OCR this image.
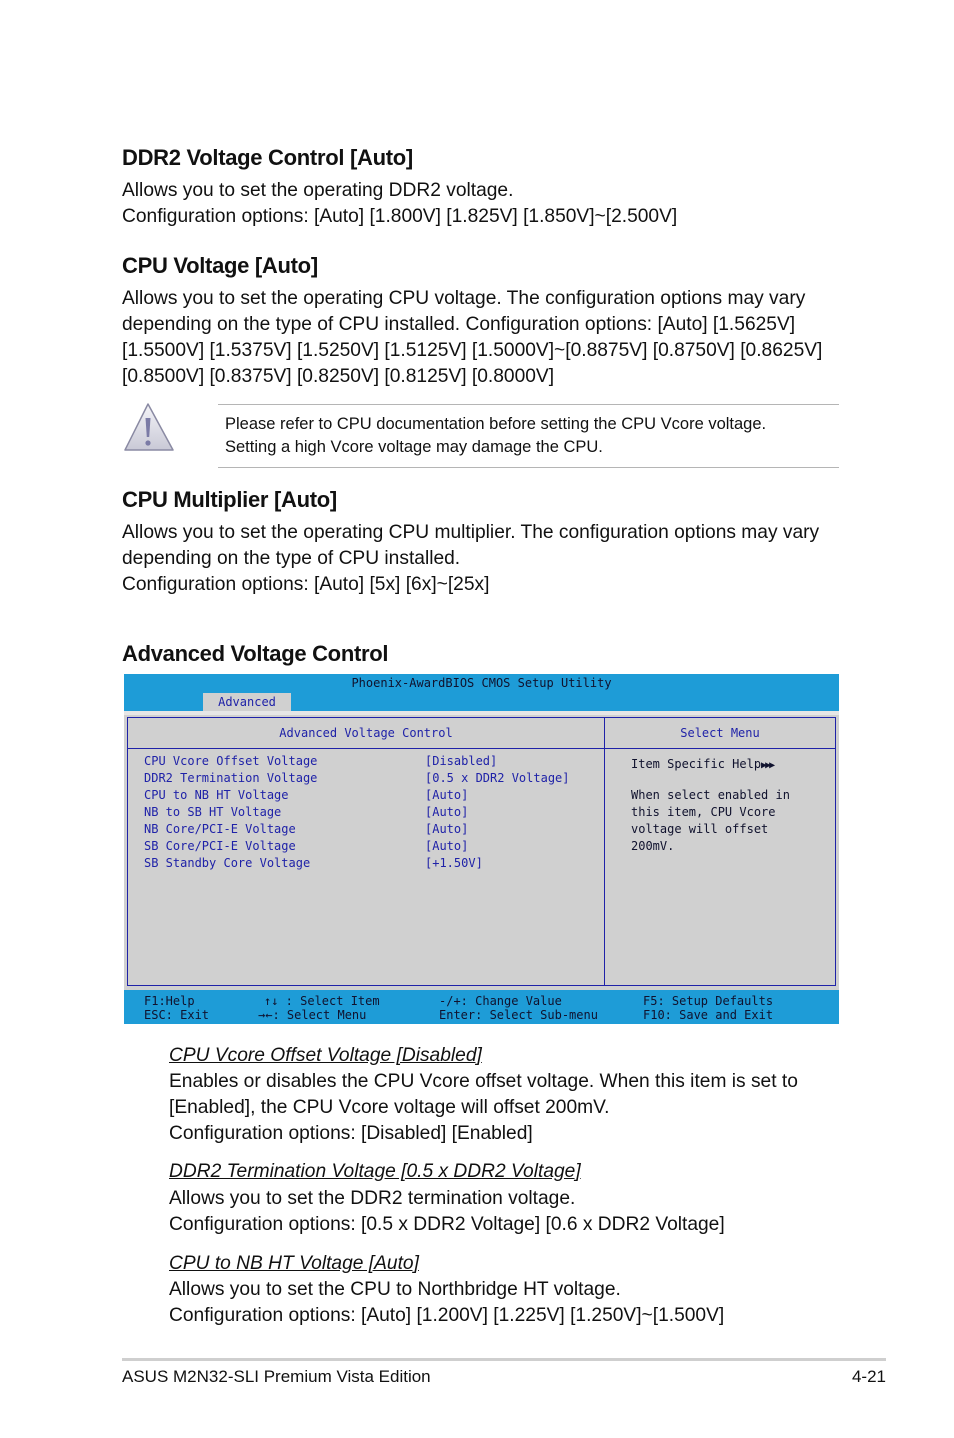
DDR2 Voltage Control [Auto]
Allows you to set the operating DDR2 voltage.
Configuration options: [Auto] [1.800V] [1.825V] [1.850V]~[2.500V]
CPU Voltage [Auto]
Allows you to set the operating CPU voltage. The configuration options may vary
depending on the type of CPU installed. Configuration options: [Auto] [1.5625V]
[1.5500V] [1.5375V] [1.5250V] [1.5125V] [1.5000V]~[0.8875V] [0.8750V] [0.8625V]
[0.8500V] [0.8375V] [0.8250V] [0.8125V] [0.8000V]
Please refer to CPU documentation before setting the CPU Vcore voltage.
Setting a high Vcore voltage may damage the CPU.
CPU Multiplier [Auto]
Allows you to set the operating CPU multiplier. The configuration options may vary
depending on the type of CPU installed.
Configuration options: [Auto] [5x] [6x]~[25x]
Advanced Voltage Control
Phoenix-AwardBIOS CMOS Setup Utility
Advanced
Advanced Voltage Control
CPU Vcore Offset Voltage	[Disabled]
DDR2 Termination Voltage	[0.5 x DDR2 Voltage]
CPU to NB HT Voltage	[Auto]
NB to SB HT Voltage	[Auto]
NB Core/PCI-E Voltage	[Auto]
SB Core/PCI-E Voltage	[Auto]
SB Standby Core Voltage	[+1.50V]
Select Menu
Item Specific Help▶▶▶
When select enabled in
this item, CPU Vcore
voltage will offset
200mV.
F1:Help
ESC: Exit
↑↓ : Select Item
→←: Select Menu
-/+: Change Value
Enter: Select Sub-menu
F5: Setup Defaults
F10: Save and Exit
CPU Vcore Offset Voltage [Disabled]
Enables or disables the CPU Vcore offset voltage. When this item is set to
[Enabled], the CPU Vcore voltage will offset 200mV.
Configuration options: [Disabled] [Enabled]
DDR2 Termination Voltage [0.5 x DDR2 Voltage]
Allows you to set the DDR2 termination voltage.
Configuration options: [0.5 x DDR2 Voltage] [0.6 x DDR2 Voltage]
CPU to NB HT Voltage [Auto]
Allows you to set the CPU to Northbridge HT voltage.
Configuration options: [Auto] [1.200V] [1.225V] [1.250V]~[1.500V]
ASUS M2N32-SLI Premium Vista Edition	4-21
